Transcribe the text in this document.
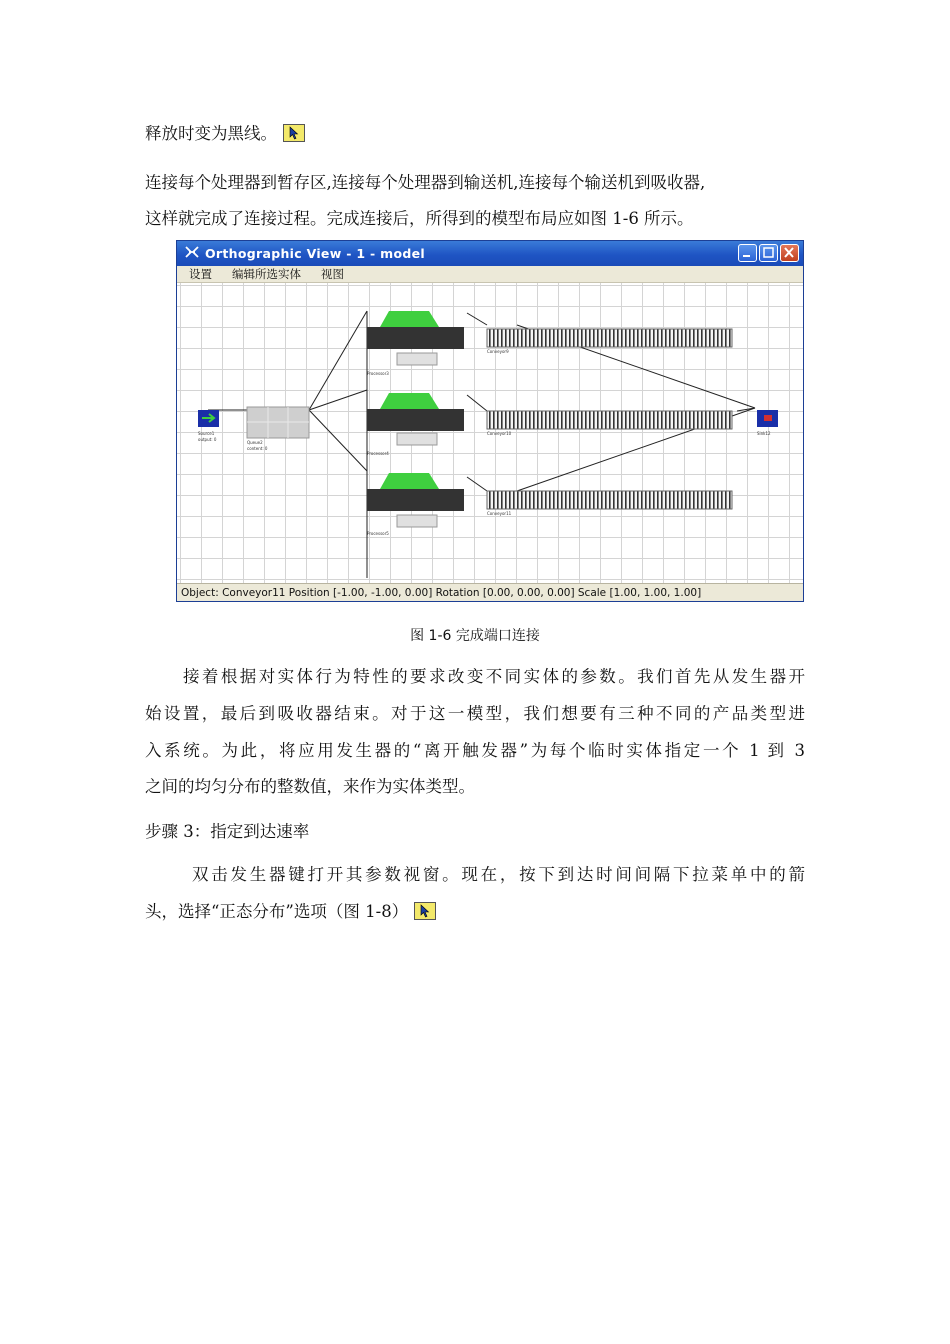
释放时变为黑线。
连接每个处理器到暂存区,连接每个处理器到输送机,连接每个输送机到吸收器,
这样就完成了连接过程。完成连接后，所得到的模型布局应如图 1-6 所示。
Orthographic View - 1 - model
设置 编辑所选实体 视图
Source1
output: 0
Queue2
content: 0
Processor3
Processor4
Processor5
Conveyor9
Conveyor10
Conveyor11
Sink12
Object: Conveyor11 Position [-1.00, -1.00, 0.00] Rotation [0.00, 0.00, 0.00] Scale [1.00, 1.00, 1.00]
图 1-6 完成端口连接
接着根据对实体行为特性的要求改变不同实体的参数。我们首先从发生器开
始设置，最后到吸收器结束。对于这一模型，我们想要有三种不同的产品类型进
入系统。为此，将应用发生器的“离开触发器”为每个临时实体指定一个 1 到 3
之间的均匀分布的整数值，来作为实体类型。
步骤 3：指定到达速率
双击发生器键打开其参数视窗。现在，按下到达时间间隔下拉菜单中的箭
头，选择“正态分布”选项（图 1-8）
